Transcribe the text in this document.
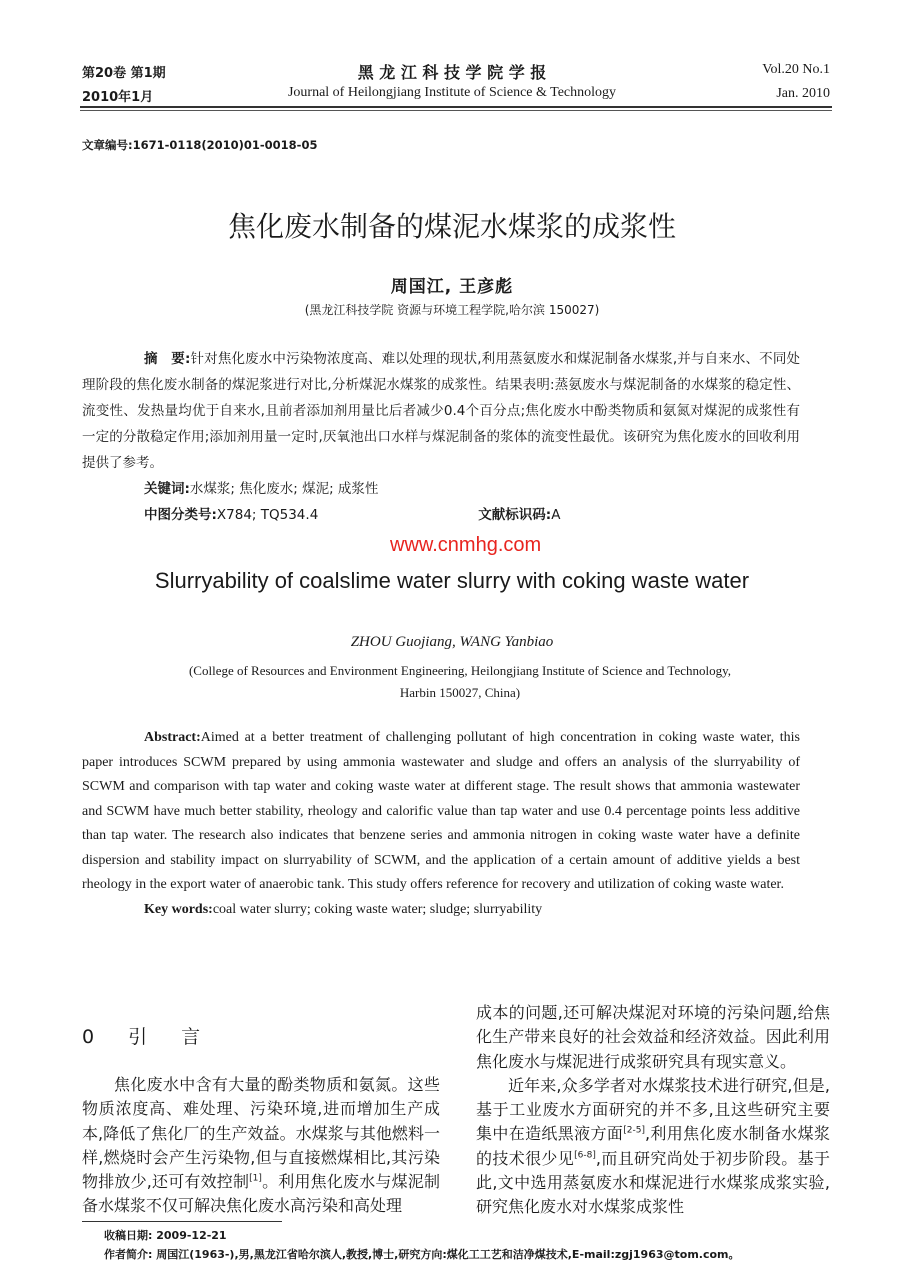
第20卷 第1期
2010年1月
黑 龙 江 科 技 学 院 学 报
Journal of Heilongjiang Institute of Science & Technology
Vol.20 No.1
Jan. 2010
文章编号:1671-0118(2010)01-0018-05
焦化废水制备的煤泥水煤浆的成浆性
周国江, 王彦彪
(黑龙江科技学院 资源与环境工程学院,哈尔滨 150027)

摘　要:针对焦化废水中污染物浓度高、难以处理的现状,利用蒸氨废水和煤泥制备水煤浆,并与自来水、不同处理阶段的焦化废水制备的煤泥浆进行对比,分析煤泥水煤浆的成浆性。结果表明:蒸氨废水与煤泥制备的水煤浆的稳定性、流变性、发热量均优于自来水,且前者添加剂用量比后者减少0.4个百分点;焦化废水中酚类物质和氨氮对煤泥的成浆性有一定的分散稳定作用;添加剂用量一定时,厌氧池出口水样与煤泥制备的浆体的流变性最优。该研究为焦化废水的回收利用提供了参考。

关键词:水煤浆; 焦化废水; 煤泥; 成浆性

中图分类号:X784; TQ534.4	文献标识码:A

www.cnmhg.com
Slurryability of coalslime water slurry with coking waste water
ZHOU Guojiang, WANG Yanbiao
(College of Resources and Environment Engineering, Heilongjiang Institute of Science and Technology,
Harbin 150027, China)

Abstract:Aimed at a better treatment of challenging pollutant of high concentration in coking waste water, this paper introduces SCWM prepared by using ammonia wastewater and sludge and offers an analysis of the slurryability of SCWM and comparison with tap water and coking waste water at different stage. The result shows that ammonia wastewater and SCWM have much better stability, rheology and calorific value than tap water and use 0.4 percentage points less additive than tap water. The research also indicates that benzene series and ammonia nitrogen in coking waste water have a definite dispersion and stability impact on slurryability of SCWM, and the application of a certain amount of additive yields a best rheology in the export water of anaerobic tank. This study offers reference for recovery and utilization of coking waste water.

Key words:coal water slurry; coking waste water; sludge; slurryability

0 引 言

焦化废水中含有大量的酚类物质和氨氮。这些物质浓度高、难处理、污染环境,进而增加生产成本,降低了焦化厂的生产效益。水煤浆与其他燃料一样,燃烧时会产生污染物,但与直接燃煤相比,其污染物排放少,还可有效控制[1]。利用焦化废水与煤泥制备水煤浆不仅可解决焦化废水高污染和高处理

成本的问题,还可解决煤泥对环境的污染问题,给焦化生产带来良好的社会效益和经济效益。因此利用焦化废水与煤泥进行成浆研究具有现实意义。

近年来,众多学者对水煤浆技术进行研究,但是,基于工业废水方面研究的并不多,且这些研究主要集中在造纸黑液方面[2-5],利用焦化废水制备水煤浆的技术很少见[6-8],而且研究尚处于初步阶段。基于此,文中选用蒸氨废水和煤泥进行水煤浆成浆实验,研究焦化废水对水煤浆成浆性

收稿日期: 2009-12-21
作者简介: 周国江(1963-),男,黑龙江省哈尔滨人,教授,博士,研究方向:煤化工工艺和洁净煤技术,E-mail:zgj1963@tom.com。
